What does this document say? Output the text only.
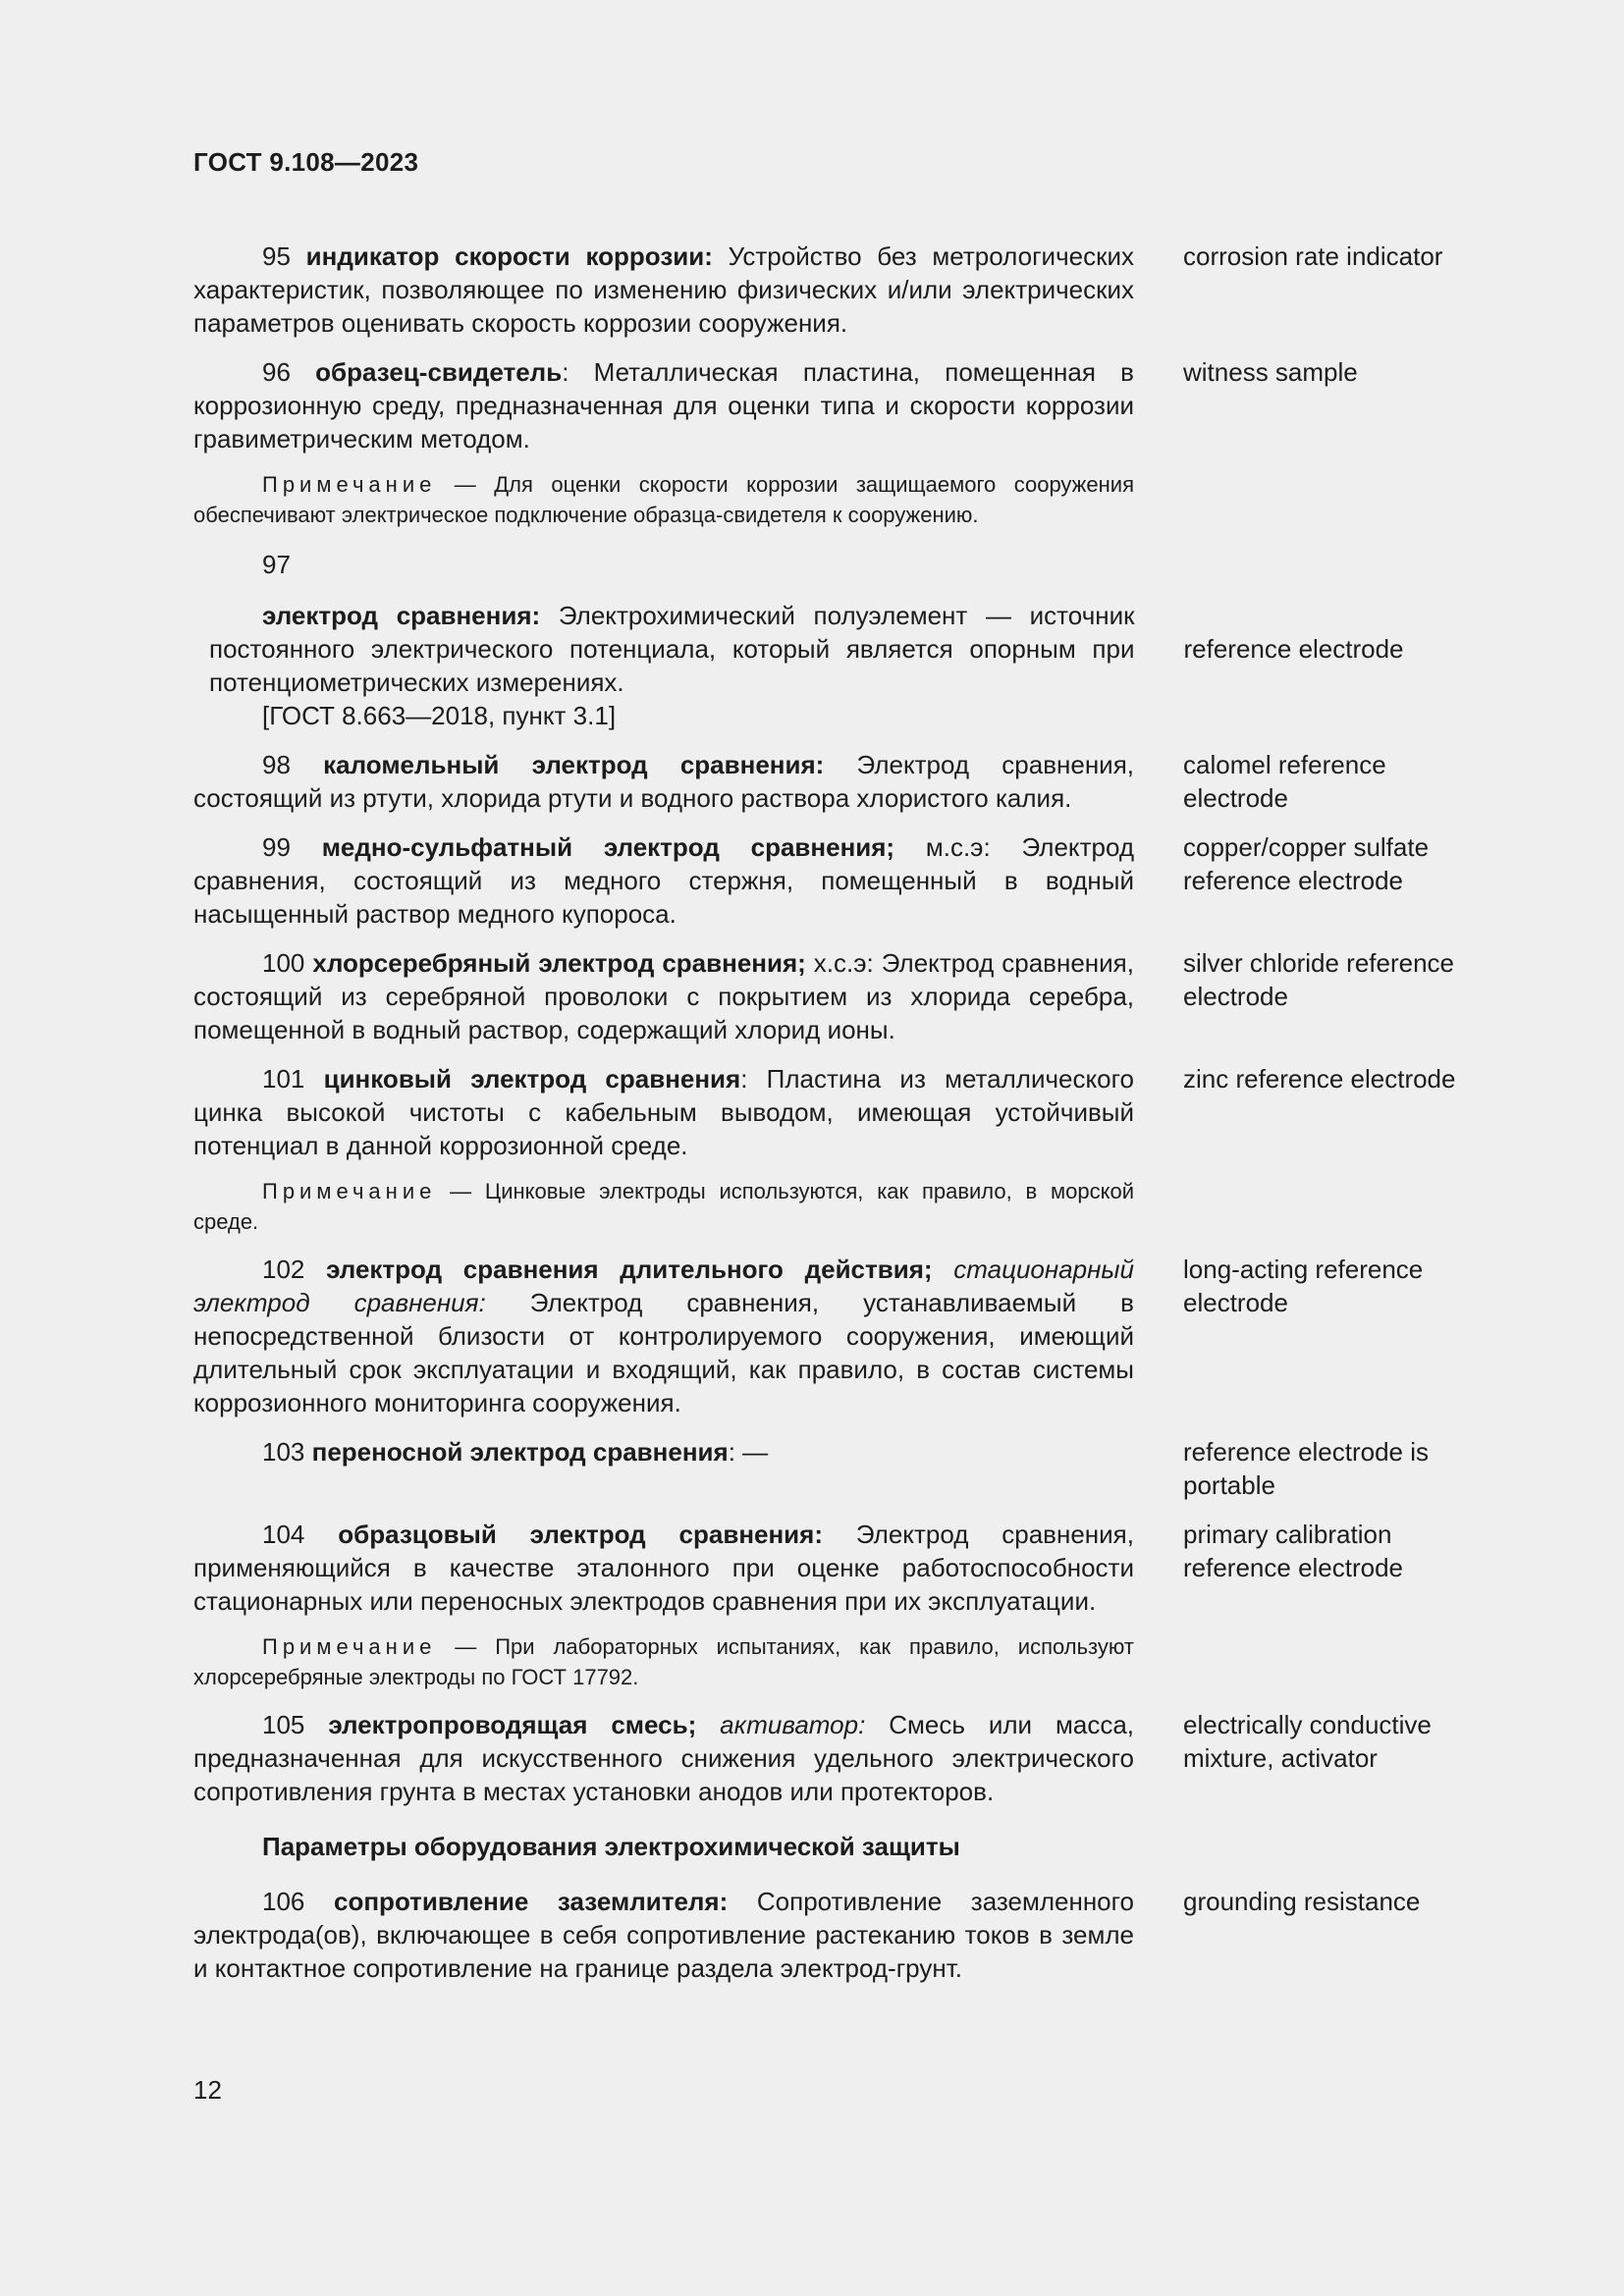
ГОСТ 9.108—2023

95 индикатор скорости коррозии: Устройство без метрологических характеристик, позволяющее по изменению физических и/или электрических параметров оценивать скорость коррозии сооружения.

corrosion rate indicator

96 образец-свидетель: Металлическая пластина, помещенная в коррозионную среду, предназначенная для оценки типа и скорости коррозии гравиметрическим методом.

witness sample

Примечание — Для оценки скорости коррозии защищаемого сооружения обеспечивают электрическое подключение образца-свидетеля к сооружению.

97

электрод сравнения: Электрохимический полуэлемент — источник постоянного электрического потенциала, который является опорным при потенциометрических измерениях.

reference electrode
[ГОСТ 8.663—2018, пункт 3.1]

98 каломельный электрод сравнения: Электрод сравнения, состоящий из ртути, хлорида ртути и водного раствора хлористого калия.

calomel reference electrode

99 медно-сульфатный электрод сравнения; м.с.э: Электрод сравнения, состоящий из медного стержня, помещенный в водный насыщенный раствор медного купороса.

copper/copper sulfate reference electrode

100 хлорсеребряный электрод сравнения; х.с.э: Электрод сравнения, состоящий из серебряной проволоки с покрытием из хлорида серебра, помещенной в водный раствор, содержащий хлорид ионы.

silver chloride reference electrode

101 цинковый электрод сравнения: Пластина из металлического цинка высокой чистоты с кабельным выводом, имеющая устойчивый потенциал в данной коррозионной среде.

zinc reference electrode

Примечание — Цинковые электроды используются, как правило, в морской среде.

102 электрод сравнения длительного действия; стационарный электрод сравнения: Электрод сравнения, устанавливаемый в непосредственной близости от контролируемого сооружения, имеющий длительный срок эксплуатации и входящий, как правило, в состав системы коррозионного мониторинга сооружения.

long-acting reference electrode

103 переносной электрод сравнения: —	reference electrode is portable

104 образцовый электрод сравнения: Электрод сравнения, применяющийся в качестве эталонного при оценке работоспособности стационарных или переносных электродов сравнения при их эксплуатации.

primary calibration reference electrode

Примечание — При лабораторных испытаниях, как правило, используют хлорсеребряные электроды по ГОСТ 17792.

105 электропроводящая смесь; активатор: Смесь или масса, предназначенная для искусственного снижения удельного электрического сопротивления грунта в местах установки анодов или протекторов.

electrically conductive mixture, activator
Параметры оборудования электрохимической защиты

106 сопротивление заземлителя: Сопротивление заземленного электрода(ов), включающее в себя сопротивление растеканию токов в земле и контактное сопротивление на границе раздела электрод-грунт.

grounding resistance
12
